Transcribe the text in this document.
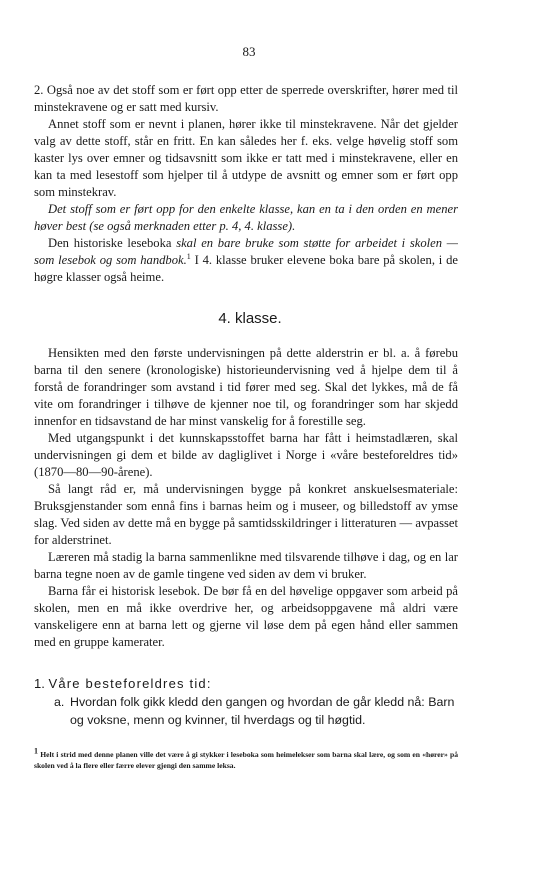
83

2. Også noe av det stoff som er ført opp etter de sperrede overskrifter, hører med til minstekravene og er satt med kursiv.

Annet stoff som er nevnt i planen, hører ikke til minstekravene. Når det gjelder valg av dette stoff, står en fritt. En kan således her f. eks. velge høvelig stoff som kaster lys over emner og tidsavsnitt som ikke er tatt med i minstekravene, eller en kan ta med lesestoff som hjelper til å utdype de avsnitt og emner som er ført opp som minstekrav.

Det stoff som er ført opp for den enkelte klasse, kan en ta i den orden en mener høver best (se også merknaden etter p. 4, 4. klasse).

Den historiske leseboka skal en bare bruke som støtte for arbeidet i skolen — som lesebok og som handbok.$^1$ I 4. klasse bruker elevene boka bare på skolen, i de høgre klasser også heime.

4. klasse.

Hensikten med den første undervisningen på dette alderstrin er bl. a. å førebu barna til den senere (kronologiske) historieundervisning ved å hjelpe dem til å forstå de forandringer som avstand i tid fører med seg. Skal det lykkes, må de få vite om forandringer i tilhøve de kjenner noe til, og forandringer som har skjedd innenfor en tidsavstand de har minst vanskelig for å forestille seg.

Med utgangspunkt i det kunnskapsstoffet barna har fått i heimstadlæren, skal undervisningen gi dem et bilde av dagliglivet i Norge i «våre besteforeldres tid» (1870—80—90-årene).

Så langt råd er, må undervisningen bygge på konkret anskuelsesmateriale: Bruksgjenstander som ennå fins i barnas heim og i museer, og billedstoff av ymse slag. Ved siden av dette må en bygge på samtidsskildringer i litteraturen — avpasset for alderstrinet.

Læreren må stadig la barna sammenlikne med tilsvarende tilhøve i dag, og en lar barna tegne noen av de gamle tingene ved siden av dem vi bruker.

Barna får ei historisk lesebok. De bør få en del høvelige oppgaver som arbeid på skolen, men en må ikke overdrive her, og arbeidsoppgavene må aldri være vanskeligere enn at barna lett og gjerne vil løse dem på egen hånd eller sammen med en gruppe kamerater.

1. Våre besteforeldres tid:
a. Hvordan folk gikk kledd den gangen og hvordan de går kledd nå: Barn og voksne, menn og kvinner, til hverdags og til høgtid.

$^1$ Helt i strid med denne planen ville det være å gi stykker i leseboka som heimelekser som barna skal lære, og som en «hører» på skolen ved å la flere eller færre elever gjengi den samme leksa.
